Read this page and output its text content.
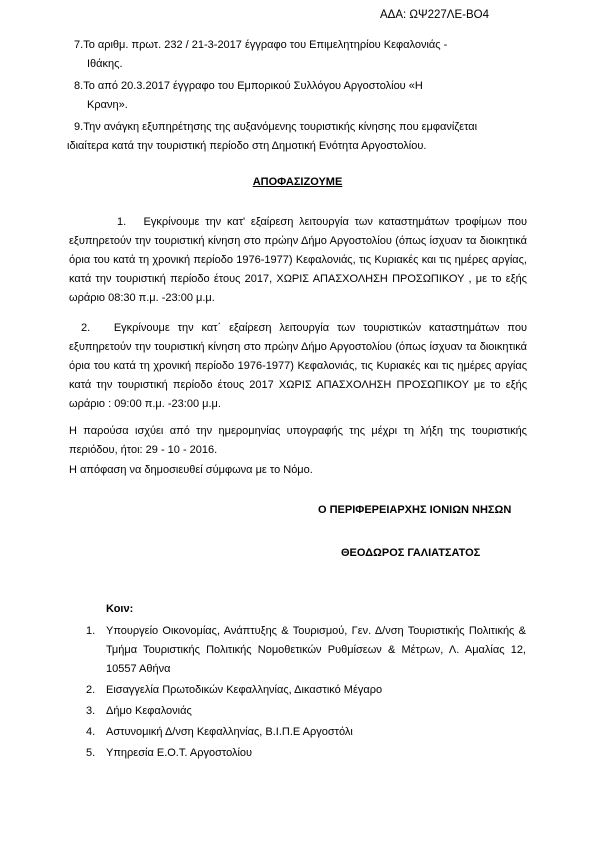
ΑΔΑ: ΩΨ227ΛΕ-ΒΟ4
7.Το αριθμ. πρωτ. 232 / 21-3-2017 έγγραφο του Επιμελητηρίου Κεφαλονιάς -
Ιθάκης.
8.Το από 20.3.2017 έγγραφο του Εμπορικού Συλλόγου Αργοστολίου «Η
Κρανη».
9.Την ανάγκη εξυπηρέτησης της αυξανόμενης τουριστικής κίνησης που εμφανίζεται
ιδιαίτερα κατά την τουριστική περίοδο στη Δημοτική Ενότητα Αργοστολίου.
ΑΠΟΦΑΣΙΖΟΥΜΕ
1. Εγκρίνουμε την κατ' εξαίρεση λειτουργία των καταστημάτων τροφίμων που εξυπηρετούν την τουριστική κίνηση στο πρώην Δήμο Αργοστολίου (όπως ίσχυαν τα διοικητικά όρια του κατά τη χρονική περίοδο 1976-1977) Κεφαλονιάς, τις Κυριακές και τις ημέρες αργίας, κατά την τουριστική περίοδο έτους 2017, ΧΩΡΙΣ ΑΠΑΣΧΟΛΗΣΗ ΠΡΟΣΩΠΙΚΟΥ , με το εξής ωράριο 08:30 π.μ. -23:00 μ.μ.
2. Εγκρίνουμε την κατ΄ εξαίρεση λειτουργία των τουριστικών καταστημάτων που εξυπηρετούν την τουριστική κίνηση στο πρώην Δήμο Αργοστολίου (όπως ίσχυαν τα διοικητικά όρια του κατά τη χρονική περίοδο 1976-1977) Κεφαλονιάς, τις Κυριακές και τις ημέρες αργίας κατά την τουριστική περίοδο έτους 2017 ΧΩΡΙΣ ΑΠΑΣΧΟΛΗΣΗ ΠΡΟΣΩΠΙΚΟΥ με το εξής ωράριο : 09:00 π.μ. -23:00 μ.μ.
Η παρούσα ισχύει από την ημερομηνίας υπογραφής της μέχρι τη λήξη της τουριστικής περιόδου, ήτοι: 29 - 10 - 2016.
Η απόφαση να δημοσιευθεί σύμφωνα με το Νόμο.
Ο ΠΕΡΙΦΕΡΕΙΑΡΧΗΣ ΙΟΝΙΩΝ ΝΗΣΩΝ
ΘΕΟΔΩΡΟΣ ΓΑΛΙΑΤΣΑΤΟΣ
Κοιν:
1. Υπουργείο Οικονομίας, Ανάπτυξης & Τουρισμού, Γεν. Δ/νση Τουριστικής Πολιτικής & Τμήμα Τουριστικής Πολιτικής Νομοθετικών Ρυθμίσεων & Μέτρων, Λ. Αμαλίας 12, 10557 Αθήνα
2. Εισαγγελία Πρωτοδικών Κεφαλληνίας, Δικαστικό Μέγαρο
3. Δήμο Κεφαλονιάς
4. Αστυνομική Δ/νση Κεφαλληνίας, Β.Ι.Π.Ε Αργοστόλι
5. Υπηρεσία Ε.Ο.Τ. Αργοστολίου
